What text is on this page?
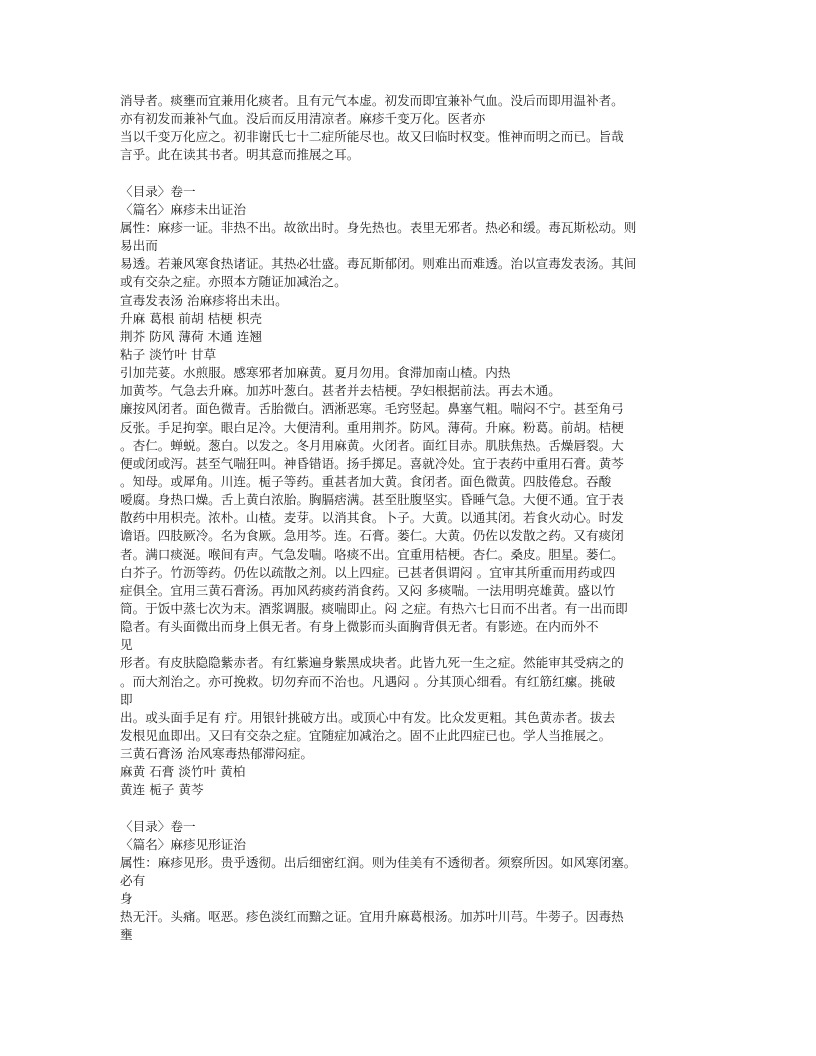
消导者。痰壅而宜兼用化痰者。且有元气本虚。初发而即宜兼补气血。没后而即用温补者。
亦有初发而兼补气血。没后而反用清凉者。麻疹千变万化。医者亦
当以千变万化应之。初非谢氏七十二症所能尽也。故又曰临时权变。惟神而明之而已。旨哉
言乎。此在读其书者。明其意而推展之耳。
〈目录〉卷一
〈篇名〉麻疹未出证治
属性：麻疹一证。非热不出。故欲出时。身先热也。表里无邪者。热必和缓。毒瓦斯松动。则
易出而
易透。若兼风寒食热诸证。其热必壮盛。毒瓦斯郁闭。则难出而难透。治以宣毒发表汤。其间
或有交杂之症。亦照本方随证加减治之。
宣毒发表汤 治麻疹将出未出。
升麻 葛根 前胡 桔梗 枳壳
荆芥 防风 薄荷 木通 连翘
粘子 淡竹叶 甘草
引加芫荽。水煎服。感寒邪者加麻黄。夏月勿用。食滞加南山楂。内热
加黄芩。气急去升麻。加苏叶葱白。甚者并去桔梗。孕妇根据前法。再去木通。
廉按风闭者。面色微青。舌胎微白。洒淅恶寒。毛窍竖起。鼻塞气粗。喘闷不宁。甚至角弓
反张。手足拘挛。眼白足冷。大便清利。重用荆芥。防风。薄荷。升麻。粉葛。前胡。桔梗
。杏仁。蝉蜕。葱白。以发之。冬月用麻黄。火闭者。面红目赤。肌肤焦热。舌燥唇裂。大
便或闭或泻。甚至气喘狂叫。神昏错语。扬手掷足。喜就冷处。宜于表药中重用石膏。黄芩
。知母。或犀角。川连。栀子等药。重甚者加大黄。食闭者。面色微黄。四肢倦怠。吞酸
嗳腐。身热口燥。舌上黄白浓胎。胸膈痞满。甚至肚腹坚实。昏睡气急。大便不通。宜于表
散药中用枳壳。浓朴。山楂。麦芽。以消其食。卜子。大黄。以通其闭。若食火动心。时发
谵语。四肢厥冷。名为食厥。急用芩。连。石膏。蒌仁。大黄。仍佐以发散之药。又有痰闭
者。满口痰涎。喉间有声。气急发喘。咯痰不出。宜重用桔梗。杏仁。桑皮。胆星。蒌仁。
白芥子。竹沥等药。仍佐以疏散之剂。以上四症。已甚者俱谓闷 。宜审其所重而用药或四
症俱全。宜用三黄石膏汤。再加风药痰药消食药。又闷 多痰喘。一法用明亮雄黄。盛以竹
筒。于饭中蒸七次为末。酒浆调服。痰喘即止。闷 之症。有热六七日而不出者。有一出而即
隐者。有头面微出而身上俱无者。有身上微影而头面胸背俱无者。有影迹。在内而外不
见
形者。有皮肤隐隐紫赤者。有红紫遍身紫黑成块者。此皆九死一生之症。然能审其受病之的
。而大剂治之。亦可挽救。切勿弃而不治也。凡遇闷 。分其顶心细看。有红筋红瘰。挑破
即
出。或头面手足有 疔。用银针挑破方出。或顶心中有发。比众发更粗。其色黄赤者。拔去
发根见血即出。又曰有交杂之症。宜随症加减治之。固不止此四症已也。学人当推展之。
三黄石膏汤 治风寒毒热郁滞闷症。
麻黄 石膏 淡竹叶 黄柏
黄连 栀子 黄芩
〈目录〉卷一
〈篇名〉麻疹见形证治
属性：麻疹见形。贵乎透彻。出后细密红润。则为佳美有不透彻者。须察所因。如风寒闭塞。
必有
身
热无汗。头痛。呕恶。疹色淡红而黯之证。宜用升麻葛根汤。加苏叶川芎。牛蒡子。因毒热
壅
